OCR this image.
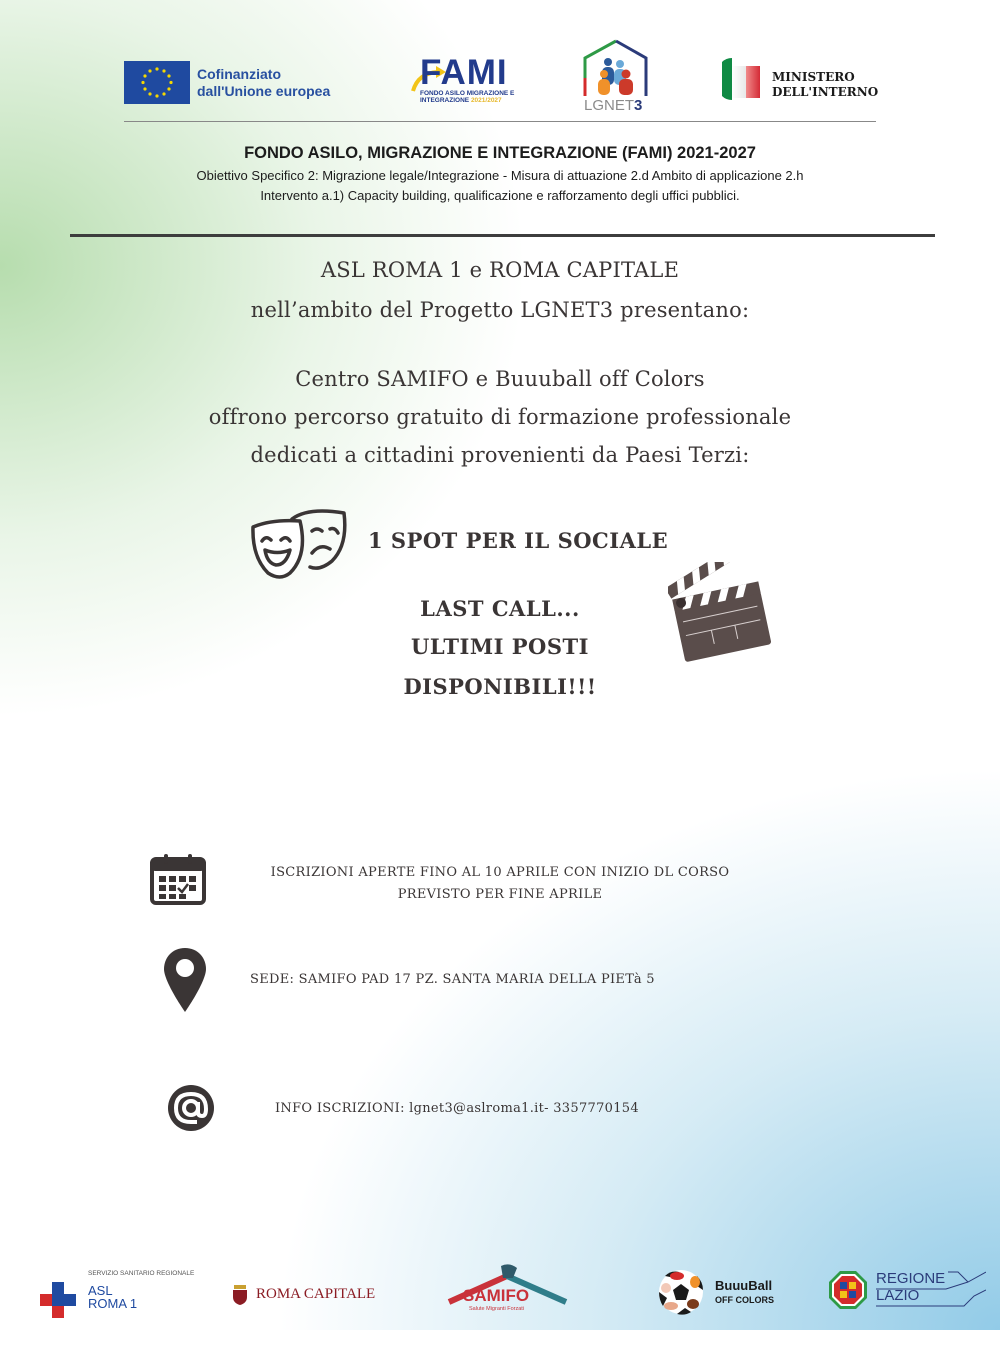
Cofinanziato
dall'Unione europea	FAMI
FONDO ASILO MIGRAZIONE E
INTEGRAZIONE 2021/2027	LGNET3
MINISTERO
DELL'INTERNO
FONDO ASILO, MIGRAZIONE E INTEGRAZIONE (FAMI) 2021-2027
Obiettivo Specifico 2: Migrazione legale/Integrazione - Misura di attuazione 2.d Ambito di applicazione 2.h
Intervento a.1) Capacity building, qualificazione e rafforzamento degli uffici pubblici.
ASL ROMA 1 e ROMA CAPITALE
nell’ambito del Progetto LGNET3 presentano:
Centro SAMIFO e Buuuball off Colors
offrono percorso gratuito di formazione professionale
dedicati a cittadini provenienti da Paesi Terzi:
1 SPOT PER IL SOCIALE
LAST CALL...
ULTIMI POSTI
DISPONIBILI!!!
ISCRIZIONI APERTE FINO AL 10 APRILE CON INIZIO DL CORSO
PREVISTO PER FINE APRILE
SEDE: SAMIFO PAD 17 PZ. SANTA MARIA DELLA PIETà 5
INFO ISCRIZIONI: lgnet3@aslroma1.it- 3357770154
SERVIZIO SANITARIO REGIONALE
ASL
ROMA 1
ROMA CAPITALE	SAMIFO
Salute Migranti Forzati
BuuuBall
OFF COLORS
REGIONE
LAZIO
